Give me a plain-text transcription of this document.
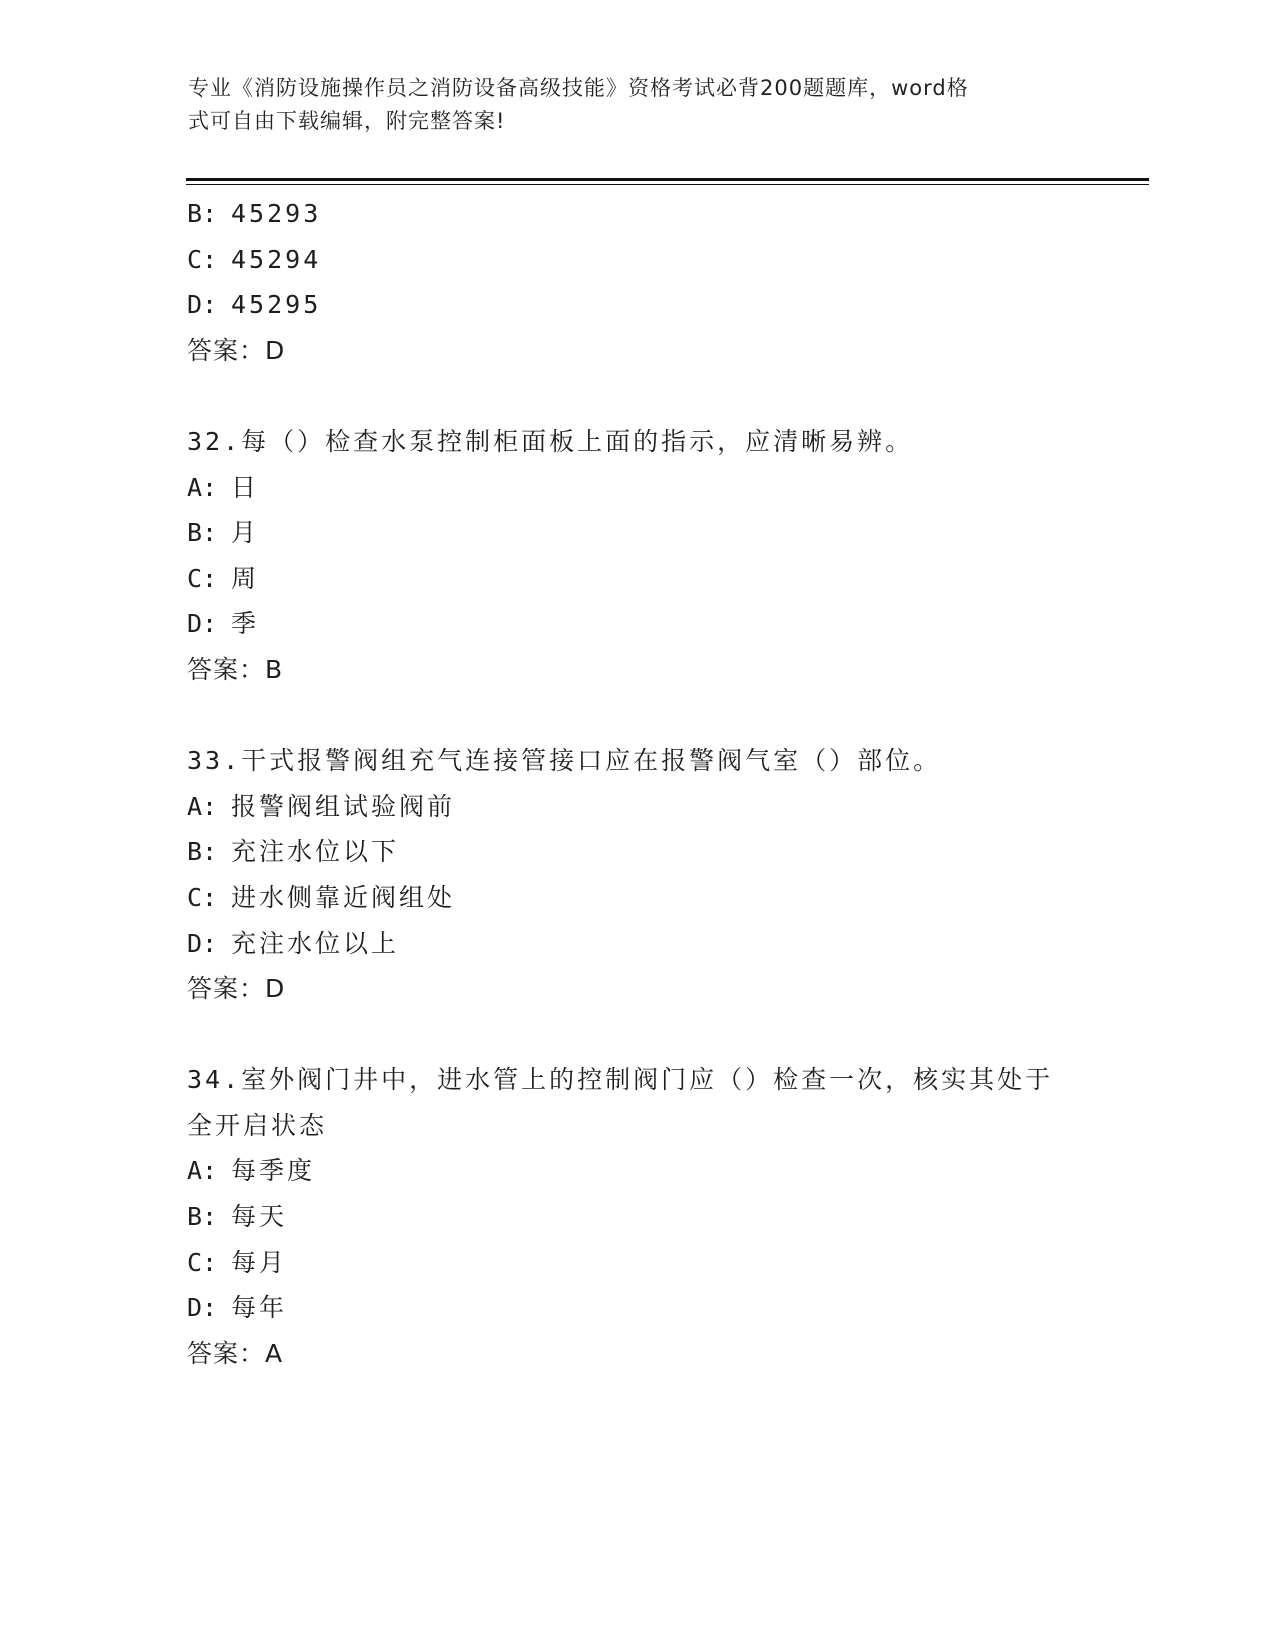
专业《消防设施操作员之消防设备高级技能》资格考试必背200题题库，word格
式可自由下载编辑，附完整答案!
B: 45293
C: 45294
D: 45295
答案：D
32.每（）检查水泵控制柜面板上面的指示，应清晰易辨。
A: 日
B: 月
C: 周
D: 季
答案：B
33.干式报警阀组充气连接管接口应在报警阀气室（）部位。
A: 报警阀组试验阀前
B: 充注水位以下
C: 进水侧靠近阀组处
D: 充注水位以上
答案：D
34.室外阀门井中，进水管上的控制阀门应（）检查一次，核实其处于
全开启状态
A: 每季度
B: 每天
C: 每月
D: 每年
答案：A
